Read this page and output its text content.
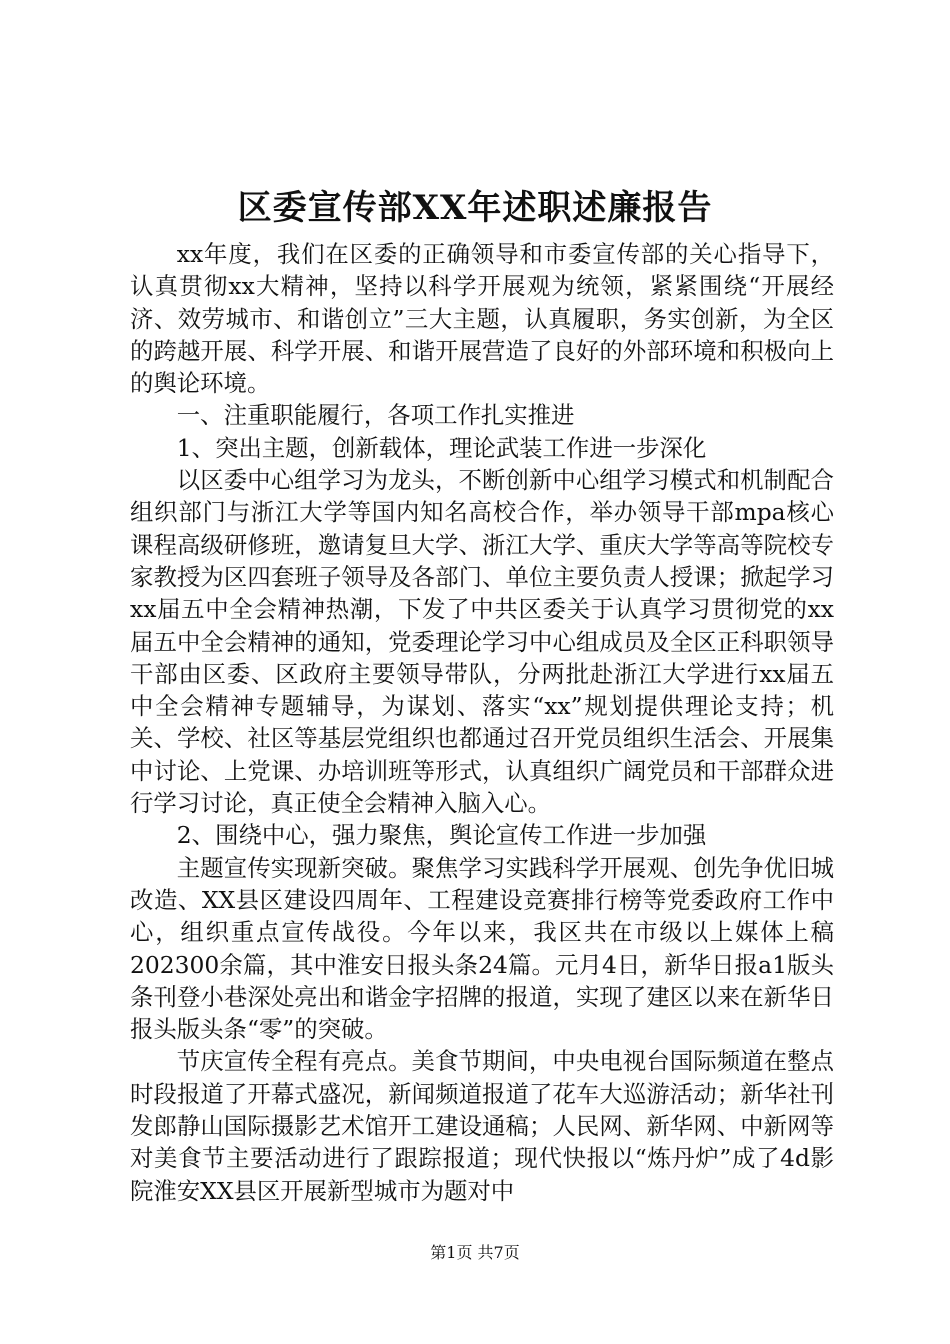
区委宣传部XX年述职述廉报告

xx年度，我们在区委的正确领导和市委宣传部的关心指导下，认真贯彻xx大精神，坚持以科学开展观为统领，紧紧围绕“开展经济、效劳城市、和谐创立”三大主题，认真履职，务实创新，为全区的跨越开展、科学开展、和谐开展营造了良好的外部环境和积极向上的舆论环境。

一、注重职能履行，各项工作扎实推进

1、突出主题，创新载体，理论武装工作进一步深化

以区委中心组学习为龙头，不断创新中心组学习模式和机制配合组织部门与浙江大学等国内知名高校合作，举办领导干部mpa核心课程高级研修班，邀请复旦大学、浙江大学、重庆大学等高等院校专家教授为区四套班子领导及各部门、单位主要负责人授课；掀起学习xx届五中全会精神热潮，下发了中共区委关于认真学习贯彻党的xx届五中全会精神的通知，党委理论学习中心组成员及全区正科职领导干部由区委、区政府主要领导带队，分两批赴浙江大学进行xx届五中全会精神专题辅导，为谋划、落实“xx”规划提供理论支持；机关、学校、社区等基层党组织也都通过召开党员组织生活会、开展集中讨论、上党课、办培训班等形式，认真组织广阔党员和干部群众进行学习讨论，真正使全会精神入脑入心。

2、围绕中心，强力聚焦，舆论宣传工作进一步加强

主题宣传实现新突破。聚焦学习实践科学开展观、创先争优旧城改造、XX县区建设四周年、工程建设竞赛排行榜等党委政府工作中心，组织重点宣传战役。今年以来，我区共在市级以上媒体上稿202300余篇，其中淮安日报头条24篇。元月4日，新华日报a1版头条刊登小巷深处亮出和谐金字招牌的报道，实现了建区以来在新华日报头版头条“零”的突破。

节庆宣传全程有亮点。美食节期间，中央电视台国际频道在整点时段报道了开幕式盛况，新闻频道报道了花车大巡游活动；新华社刊发郎静山国际摄影艺术馆开工建设通稿；人民网、新华网、中新网等对美食节主要活动进行了跟踪报道；现代快报以“炼丹炉”成了4d影院淮安XX县区开展新型城市为题对中

第1页 共7页
